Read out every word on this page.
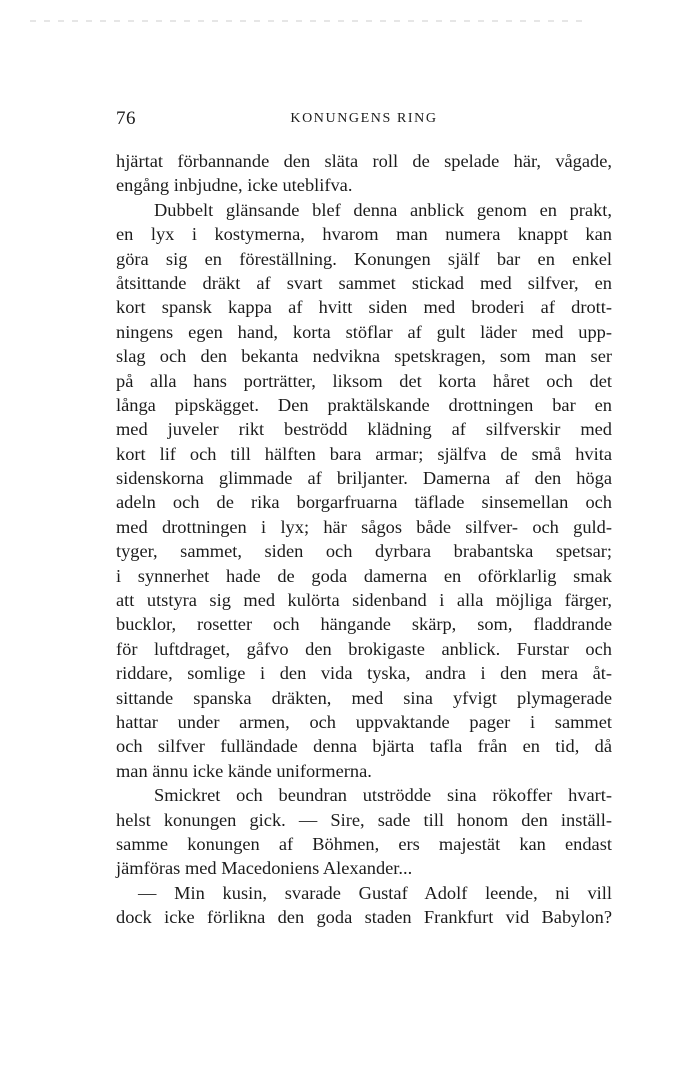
76	KONUNGENS RING
hjärtat förbannande den släta roll de spelade här, vågade,
engång inbjudne, icke uteblifva.
Dubbelt glänsande blef denna anblick genom en prakt,
en lyx i kostymerna, hvarom man numera knappt kan
göra sig en föreställning. Konungen själf bar en enkel
åtsittande dräkt af svart sammet stickad med silfver, en
kort spansk kappa af hvitt siden med broderi af drott-
ningens egen hand, korta stöflar af gult läder med upp-
slag och den bekanta nedvikna spetskragen, som man ser
på alla hans porträtter, liksom det korta håret och det
långa pipskägget. Den praktälskande drottningen bar en
med juveler rikt beströdd klädning af silfverskir med
kort lif och till hälften bara armar; själfva de små hvita
sidenskorna glimmade af briljanter. Damerna af den höga
adeln och de rika borgarfruarna täflade sinsemellan och
med drottningen i lyx; här sågos både silfver- och guld-
tyger, sammet, siden och dyrbara brabantska spetsar;
i synnerhet hade de goda damerna en oförklarlig smak
att utstyra sig med kulörta sidenband i alla möjliga färger,
bucklor, rosetter och hängande skärp, som, fladdrande
för luftdraget, gåfvo den brokigaste anblick. Furstar och
riddare, somlige i den vida tyska, andra i den mera åt-
sittande spanska dräkten, med sina yfvigt plymagerade
hattar under armen, och uppvaktande pager i sammet
och silfver fulländade denna bjärta tafla från en tid, då
man ännu icke kände uniformerna.
Smickret och beundran utströdde sina rökoffer hvart-
helst konungen gick. — Sire, sade till honom den inställ-
samme konungen af Böhmen, ers majestät kan endast
jämföras med Macedoniens Alexander...
— Min kusin, svarade Gustaf Adolf leende, ni vill
dock icke förlikna den goda staden Frankfurt vid Babylon?
